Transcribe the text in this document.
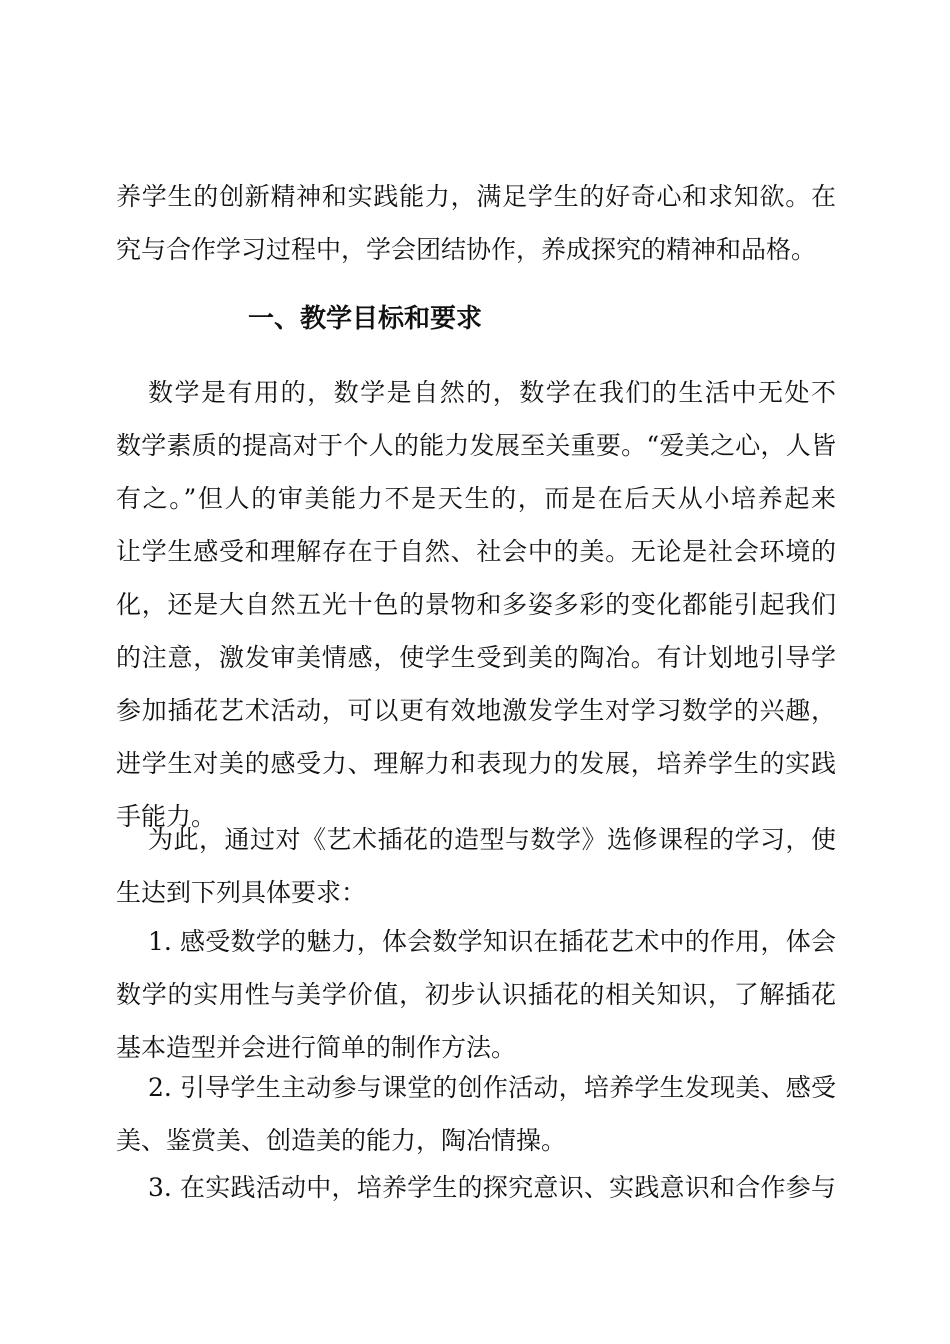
养学生的创新精神和实践能力，满足学生的好奇心和求知欲。在
究与合作学习过程中，学会团结协作，养成探究的精神和品格。
一、教学目标和要求
数学是有用的，数学是自然的，数学在我们的生活中无处不
数学素质的提高对于个人的能力发展至关重要。“爱美之心，人皆
有之。”但人的审美能力不是天生的，而是在后天从小培养起来
让学生感受和理解存在于自然、社会中的美。无论是社会环境的
化，还是大自然五光十色的景物和多姿多彩的变化都能引起我们
的注意，激发审美情感，使学生受到美的陶冶。有计划地引导学
参加插花艺术活动，可以更有效地激发学生对学习数学的兴趣，
进学生对美的感受力、理解力和表现力的发展，培养学生的实践
手能力。
为此，通过对《艺术插花的造型与数学》选修课程的学习，使
生达到下列具体要求：
1. 感受数学的魅力，体会数学知识在插花艺术中的作用，体会
数学的实用性与美学价值，初步认识插花的相关知识，了解插花
基本造型并会进行简单的制作方法。
2. 引导学生主动参与课堂的创作活动，培养学生发现美、感受
美、鉴赏美、创造美的能力，陶冶情操。
3. 在实践活动中，培养学生的探究意识、实践意识和合作参与
